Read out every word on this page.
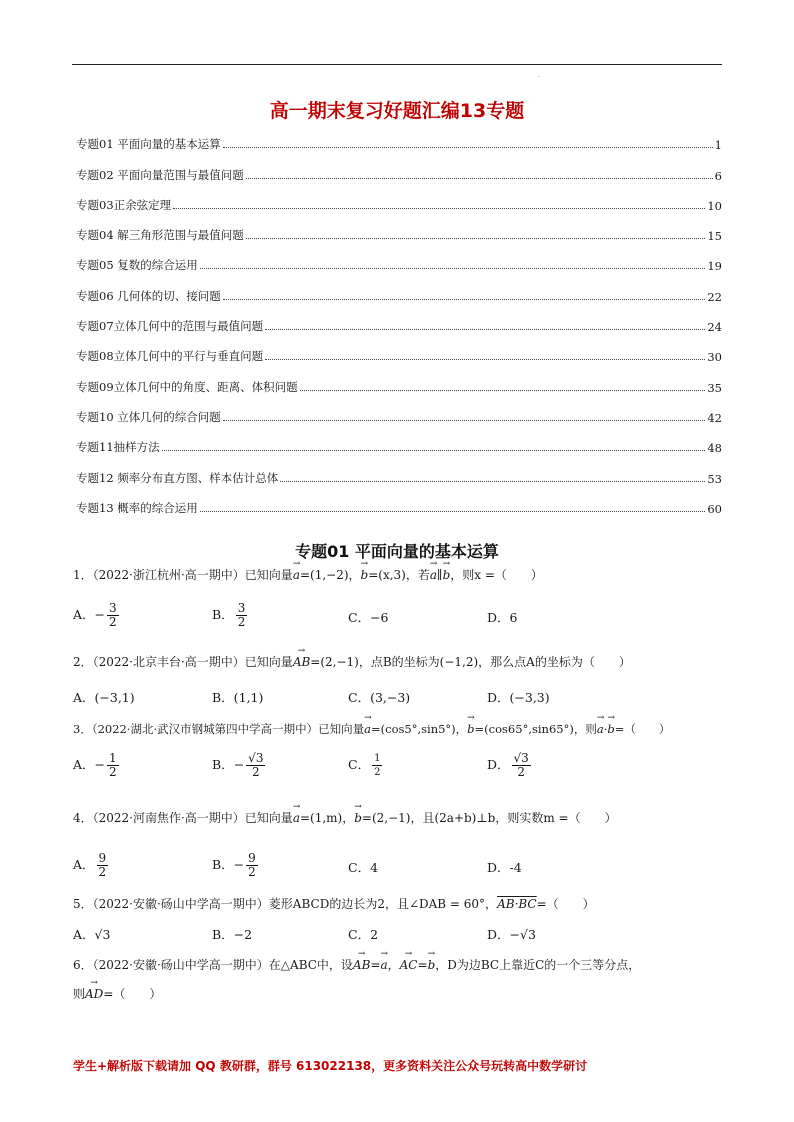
.
高一期末复习好题汇编13专题
专题01 平面向量的基本运算	1
专题02 平面向量范围与最值问题	6
专题03正余弦定理	10
专题04 解三角形范围与最值问题	15
专题05 复数的综合运用	19
专题06 几何体的切、接问题	22
专题07立体几何中的范围与最值问题	24
专题08立体几何中的平行与垂直问题	30
专题09立体几何中的角度、距离、体积问题	35
专题10 立体几何的综合问题	42
专题11抽样方法	48
专题12 频率分布直方图、样本估计总体	53
专题13 概率的综合运用	60
专题01 平面向量的基本运算
1．（2022·浙江杭州·高一期中）已知向量→ a=(1,−2)，→ b=(x,3)，若→ a∥→ b，则x =（　　）
A．− $\frac{3}{2}$	B． $\frac{3}{2}$	C．−6	D．6
2．（2022·北京丰台·高一期中）已知向量→ AB=(2,−1)，点B的坐标为(−1,2)，那么点A的坐标为（　　）
A．(−3,1)	B．(1,1)	C．(3,−3)	D．(−3,3)
3．（2022·湖北·武汉市钢城第四中学高一期中）已知向量→ a=(cos5°,sin5°)，→ b=(cos65°,sin65°)，则→ a·→ b=（　　）
A．− $\frac{1}{2}$	B．− $\frac{√3}{2}$	C． $\frac{1}{2}$	D． $\frac{√3}{2}$
4．（2022·河南焦作·高一期中）已知向量→ a=(1,m)，→ b=(2,−1)，且(2a+b)⊥b，则实数m =（　　）
A． $\frac{9}{2}$	B．− $\frac{9}{2}$	C．4	D．-4
5．（2022·安徽·砀山中学高一期中）菱形ABCD的边长为2，且∠DAB = 60°，AB·BC=（　　）
A．√3	B．−2	C．2	D．−√3
6．（2022·安徽·砀山中学高一期中）在△ABC中，设→ AB=→ a，→ AC=→ b，D为边BC上靠近C的一个三等分点，
则→ AD=（　　）
学生+解析版下载请加 QQ 教研群，群号 613022138，更多资料关注公众号玩转高中数学研讨
